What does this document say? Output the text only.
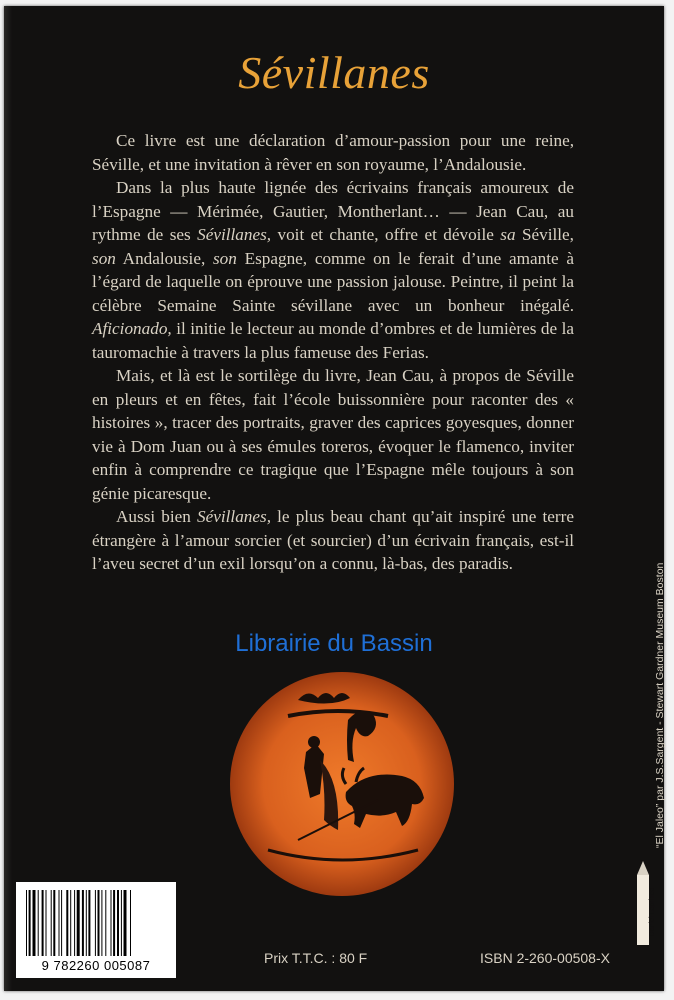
Sévillanes

Ce livre est une déclaration d’amour-passion pour une reine, Séville, et une invitation à rêver en son royaume, l’Andalousie.

Dans la plus haute lignée des écrivains français amoureux de l’Espagne — Mérimée, Gautier, Montherlant… — Jean Cau, au rythme de ses Sévillanes, voit et chante, offre et dévoile sa Séville, son Andalousie, son Espagne, comme on le ferait d’une amante à l’égard de laquelle on éprouve une passion jalouse. Peintre, il peint la célèbre Semaine Sainte sévillane avec un bonheur inégalé. Aficionado, il initie le lecteur au monde d’ombres et de lumières de la tauromachie à travers la plus fameuse des Ferias.

Mais, et là est le sortilège du livre, Jean Cau, à propos de Séville en pleurs et en fêtes, fait l’école buissonnière pour raconter des « histoires », tracer des portraits, graver des caprices goyesques, donner vie à Dom Juan ou à ses émules toreros, évoquer le flamenco, inviter enfin à comprendre ce tragique que l’Espagne mêle toujours à son génie picaresque.

Aussi bien Sévillanes, le plus beau chant qu’ait inspiré une terre étrangère à l’amour sorcier (et sourcier) d’un écrivain français, est-il l’aveu secret d’un exil lorsqu’on a connu, là-bas, des paradis.

Librairie du Bassin	“El Jaleo” par J.S.Sargent - Stewart Gardner Museum Boston
Daniel Leprince
9 782260 005087	Prix T.T.C. : 80 F	ISBN 2-260-00508-X
